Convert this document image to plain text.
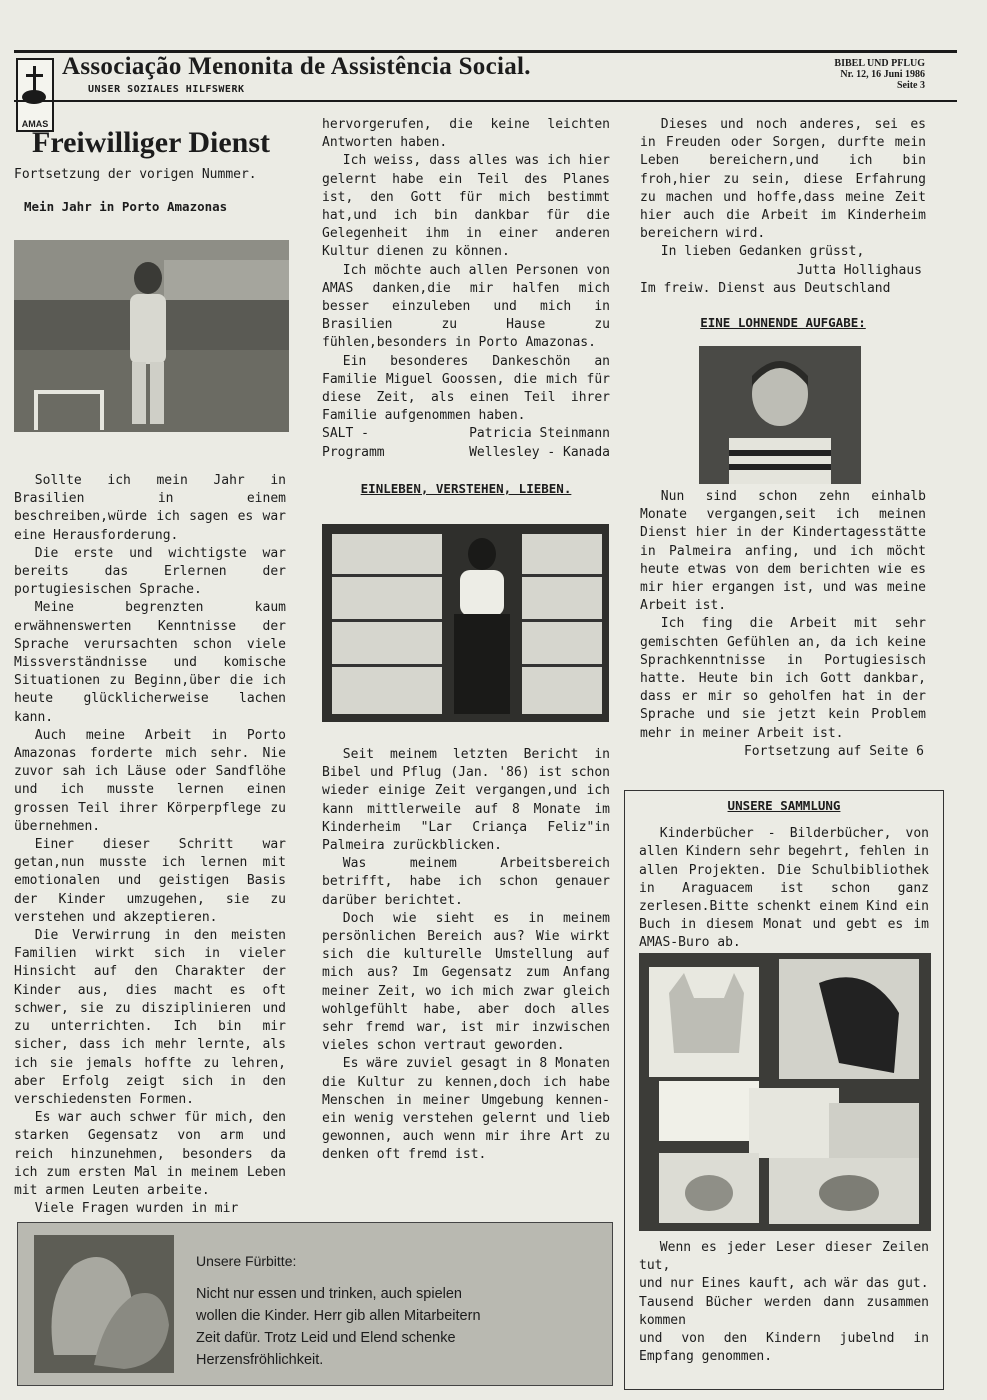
AMAS
Associação Menonita de Assistência Social.
UNSER SOZIALES HILFSWERK
BIBEL UND PFLUG
Nr. 12, 16 Juni 1986
Seite 3
Freiwilliger Dienst

Fortsetzung der vorigen Nummer.

Mein Jahr in Porto Amazonas

Sollte ich mein Jahr in Brasilien in einem beschreiben,würde ich sagen es war eine Herausforderung.

Die erste und wichtigste war bereits das Erlernen der portugiesischen Sprache.

Meine begrenzten kaum erwähnenswerten Kenntnisse der Sprache verursachten schon viele Missverständnisse und komische Situationen zu Beginn,über die ich heute glücklicherweise lachen kann.

Auch meine Arbeit in Porto Amazonas forderte mich sehr. Nie zuvor sah ich Läuse oder Sandflöhe und ich musste lernen einen grossen Teil ihrer Körperpflege zu übernehmen.

Einer dieser Schritt war getan,nun musste ich lernen mit emotionalen und geistigen Basis der Kinder umzugehen, sie zu verstehen und akzeptieren.

Die Verwirrung in den meisten Familien wirkt sich in vieler Hinsicht auf den Charakter der Kinder aus, dies macht es oft schwer, sie zu disziplinieren und zu unterrichten. Ich bin mir sicher, dass ich mehr lernte, als ich sie jemals hoffte zu lehren, aber Erfolg zeigt sich in den verschiedensten Formen.

Es war auch schwer für mich, den starken Gegensatz von arm und reich hinzunehmen, besonders da ich zum ersten Mal in meinem Leben mit armen Leuten arbeite.

Viele Fragen wurden in mir

hervorgerufen, die keine leichten Antworten haben.

Ich weiss, dass alles was ich hier gelernt habe ein Teil des Planes ist, den Gott für mich bestimmt hat,und ich bin dankbar für die Gelegenheit ihm in einer anderen Kultur dienen zu können.

Ich möchte auch allen Personen von AMAS danken,die mir halfen mich besser einzuleben und mich in Brasilien zu Hause zu fühlen,besonders in Porto Amazonas.

Ein besonderes Dankeschön an Familie Miguel Goossen, die mich für diese Zeit, als einen Teil ihrer Familie aufgenommen haben.

SALT -
Programm
Patricia Steinmann
Wellesley - Kanada
EINLEBEN, VERSTEHEN, LIEBEN.

Seit meinem letzten Bericht in Bibel und Pflug (Jan. '86) ist schon wieder einige Zeit vergangen,und ich kann mittlerweile auf 8 Monate im Kinderheim "Lar Criança Feliz"in Palmeira zurückblicken.

Was meinem Arbeitsbereich betrifft, habe ich schon genauer darüber berichtet.

Doch wie sieht es in meinem persönlichen Bereich aus? Wie wirkt sich die kulturelle Umstellung auf mich aus? Im Gegensatz zum Anfang meiner Zeit, wo ich mich zwar gleich wohlgefühlt habe, aber doch alles sehr fremd war, ist mir inzwischen vieles schon vertraut geworden.

Es wäre zuviel gesagt in 8 Monaten die Kultur zu kennen,doch ich habe Menschen in meiner Umgebung kennen- ein wenig verstehen gelernt und lieb gewonnen, auch wenn mir ihre Art zu denken oft fremd ist.

Dieses und noch anderes, sei es in Freuden oder Sorgen, durfte mein Leben bereichern,und ich bin froh,hier zu sein, diese Erfahrung zu machen und hoffe,dass meine Zeit hier auch die Arbeit im Kinderheim bereichern wird.

In lieben Gedanken grüsst,

Jutta Hollighaus

Im freiw. Dienst aus Deutschland

EINE LOHNENDE AUFGABE:

Nun sind schon zehn einhalb Monate vergangen,seit ich meinen Dienst hier in der Kindertagesstätte in Palmeira anfing, und ich möcht heute etwas von dem berichten wie es mir hier ergangen ist, und was meine Arbeit ist.

Ich fing die Arbeit mit sehr gemischten Gefühlen an, da ich keine Sprachkenntnisse in Portugiesisch hatte. Heute bin ich Gott dankbar, dass er mir so geholfen hat in der Sprache und sie jetzt kein Problem mehr in meiner Arbeit ist.

Fortsetzung auf Seite 6

UNSERE SAMMLUNG

Kinderbücher - Bilderbücher, von allen Kindern sehr begehrt, fehlen in allen Projekten. Die Schulbibliothek in Araguacem ist schon ganz zerlesen.Bitte schenkt einem Kind ein Buch in diesem Monat und gebt es im AMAS-Buro ab.

Wenn es jeder Leser dieser Zeilen tut,

und nur Eines kauft, ach wär das gut.

Tausend Bücher werden dann zusammen kommen

und von den Kindern jubelnd in Empfang genommen.

Unsere Fürbitte:
Nicht nur essen und trinken, auch spielen
wollen die Kinder. Herr gib allen Mitarbeitern
Zeit dafür. Trotz Leid und Elend schenke
Herzensfröhlichkeit.
